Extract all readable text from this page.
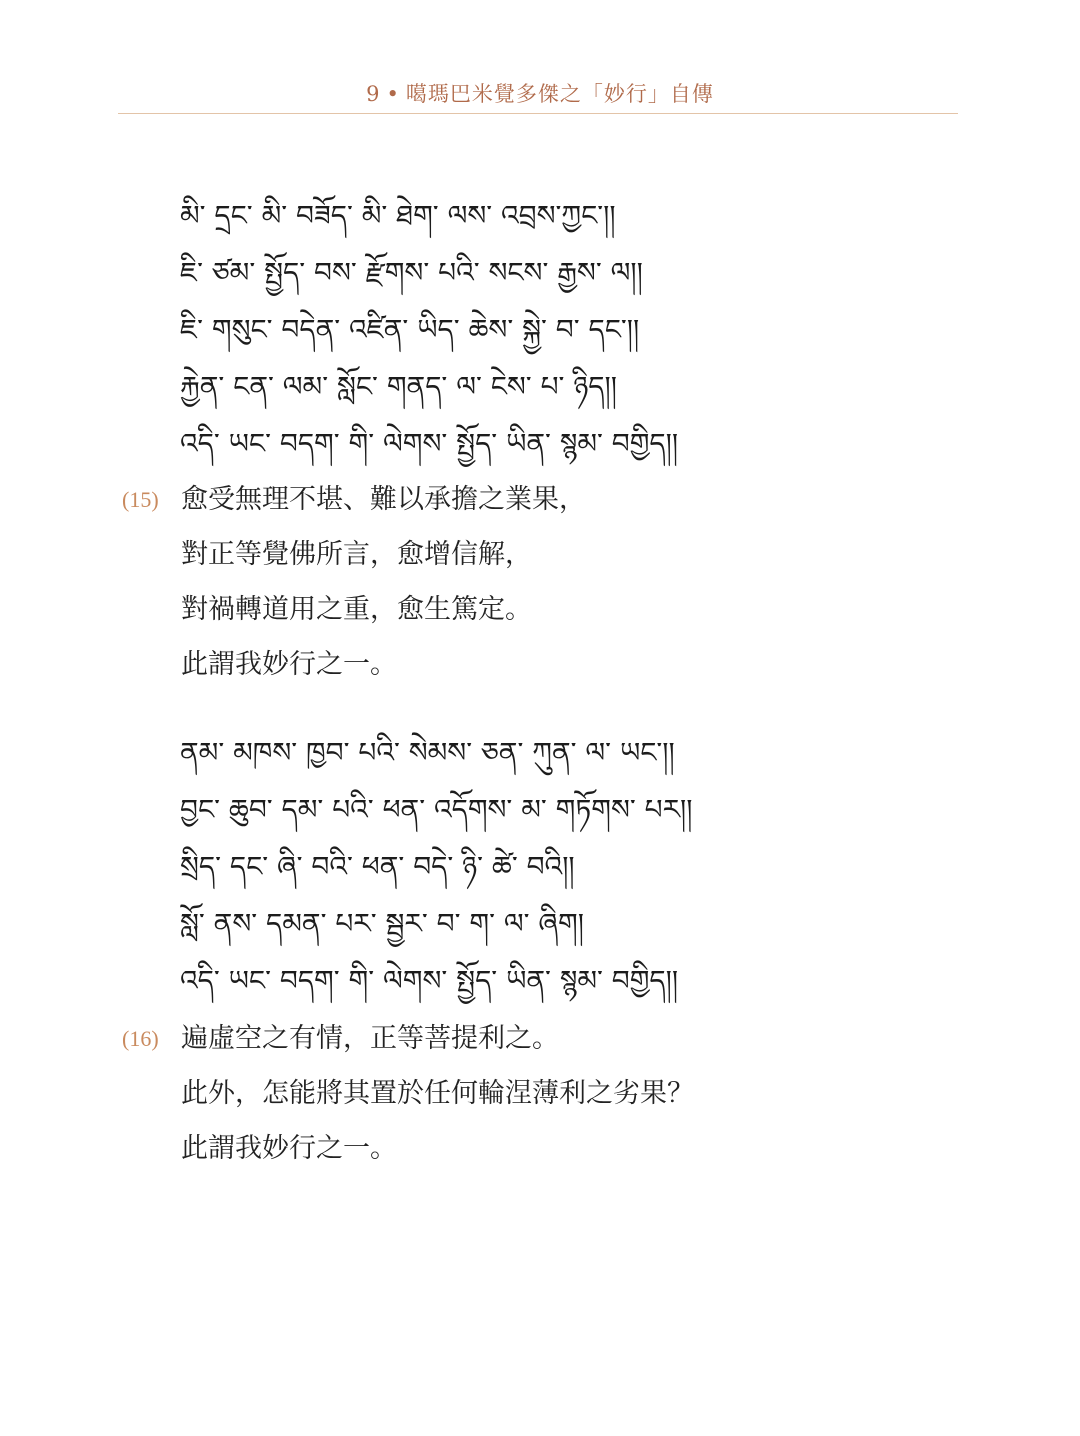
9 • 噶瑪巴米覺多傑之「妙行」自傳
མི་ དྲང་ མི་ བཟོད་ མི་ ཐེག་ ལས་ འབྲས་ཀྱང་།།
ཇི་ ཙམ་ སྤྱོད་ བས་ རྫོགས་ པའི་ སངས་ རྒྱས་ ལ།།
ཇི་ གསུང་ བདེན་ འཛིན་ ཡིད་ ཆེས་ སྐྱེ་ བ་ དང་།།
རྐྱེན་ ངན་ ལམ་ སློང་ གནད་ ལ་ ངེས་ པ་ ཉིད།།
འདི་ ཡང་ བདག་ གི་ ལེགས་ སྤྱོད་ ཡིན་ སྙམ་ བགྱིད།།
(15) 愈受無理不堪、難以承擔之業果，
對正等覺佛所言，愈增信解，
對禍轉道用之重，愈生篤定。
此謂我妙行之一。
ནམ་ མཁས་ ཁྱབ་ པའི་ སེམས་ ཅན་ ཀུན་ ལ་ ཡང་།།
བྱང་ ཆུབ་ དམ་ པའི་ ཕན་ འདོགས་ མ་ གཏོགས་ པར།།
སྲིད་ དང་ ཞི་ བའི་ ཕན་ བདེ་ ཉི་ ཚེ་ བའི།།
སློ་ ནས་ དམན་ པར་ སྦྱར་ བ་ ག་ ལ་ ཞིག།
འདི་ ཡང་ བདག་ གི་ ལེགས་ སྤྱོད་ ཡིན་ སྙམ་ བགྱིད།།
(16) 遍虛空之有情，正等菩提利之。
此外，怎能將其置於任何輪涅薄利之劣果？
此謂我妙行之一。
